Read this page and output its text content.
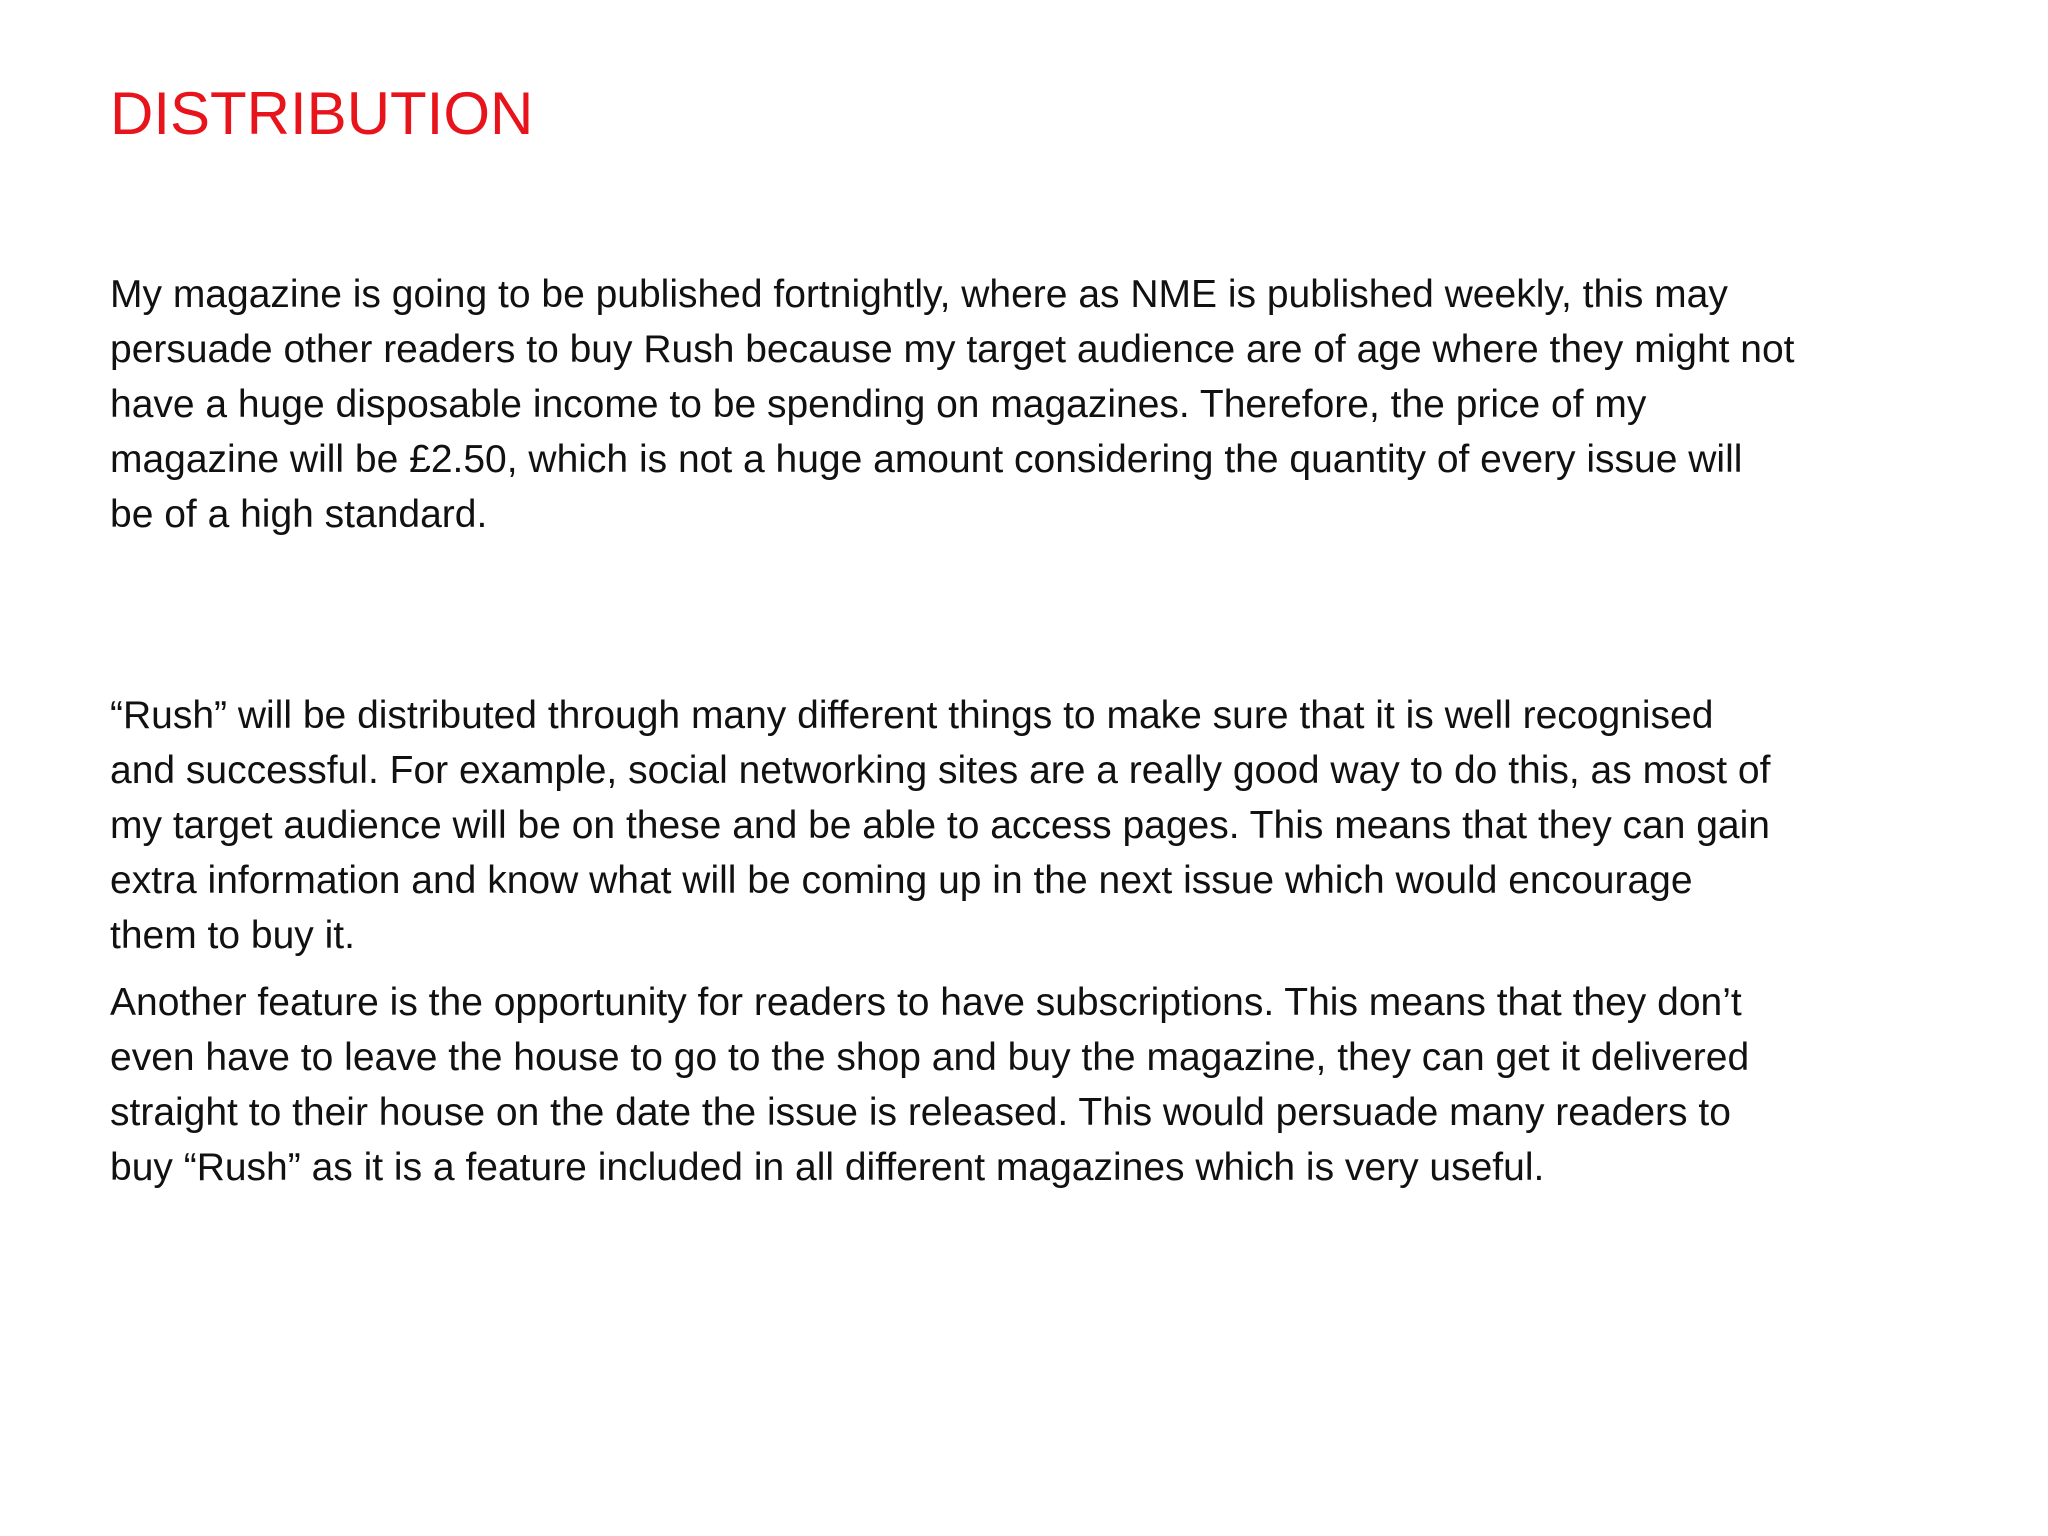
DISTRIBUTION

My magazine is going to be published fortnightly, where as NME is published weekly, this may

persuade other readers to buy Rush because my target audience are of age where they might not

have a huge disposable income to be spending on magazines. Therefore, the price of my

magazine will be £2.50, which is not a huge amount considering the quantity of every issue will

be of a high standard.

“Rush” will be distributed through many different things to make sure that it is well recognised

and successful. For example, social networking sites are a really good way to do this, as most of

my target audience will be on these and be able to access pages. This means that they can gain

extra information and know what will be coming up in the next issue which would encourage

them to buy it.

Another feature is the opportunity for readers to have subscriptions. This means that they don’t

even have to leave the house to go to the shop and buy the magazine, they can get it delivered

straight to their house on the date the issue is released. This would persuade many readers to

buy “Rush” as it is a feature included in all different magazines which is very useful.
